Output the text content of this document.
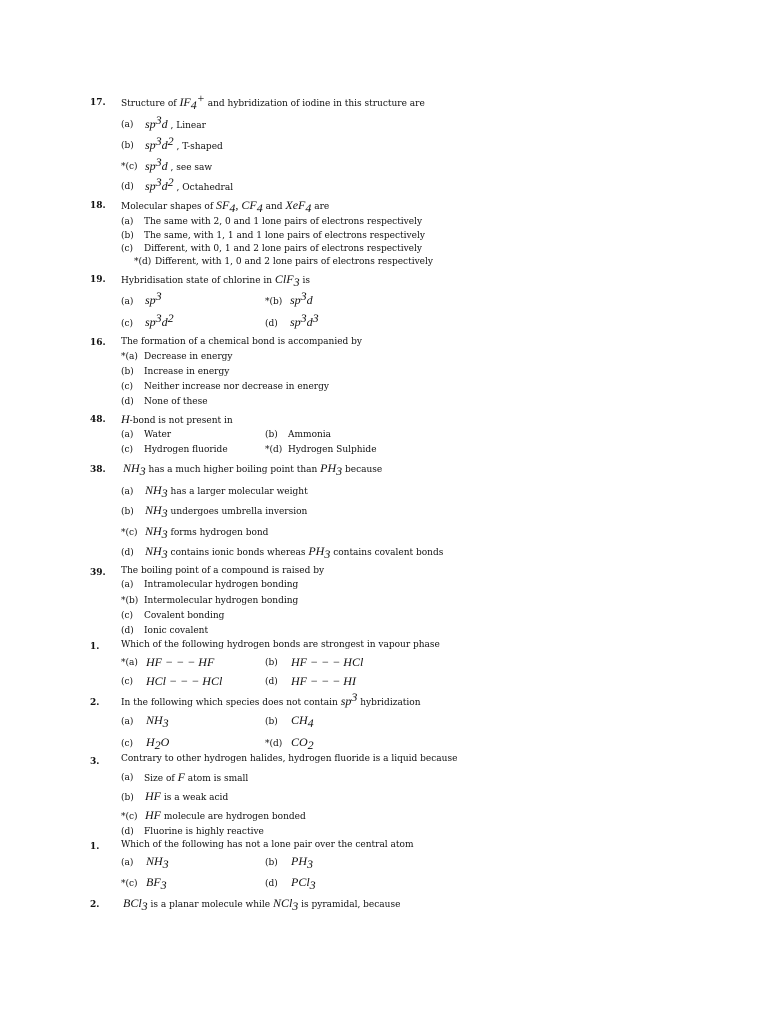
17. Structure of $IF_4^+$ and hybridization of iodine in this structure are
(a) $sp^3d$ , Linear
(b) $sp^3d^2$ , T-shaped
*(c) $sp^3d$ , see saw
(d) $sp^3d^2$ , Octahedral
18. Molecular shapes of $SF_4$, $CF_4$ and XeF$_4$ are
(a) The same with 2, 0 and 1 lone pairs of electrons respectively
(b) The same, with 1, 1 and 1 lone pairs of electrons respectively
(c) Different, with 0, 1 and 2 lone pairs of electrons respectively
*(d) Different, with 1, 0 and 2 lone pairs of electrons respectively
19. Hybridisation state of chlorine in ClF$_3$ is
(a) $sp^3$	*(b) $sp^3d$
(c) $sp^3d^2$	(d) $sp^3d^3$
16. The formation of a chemical bond is accompanied by
*(a) Decrease in energy
(b) Increase in energy
(c) Neither increase nor decrease in energy
(d) None of these
48. H-bond is not present in
(a) Water	(b) Ammonia
(c) Hydrogen fluoride	*(d) Hydrogen Sulphide
38. $NH_3$ has a much higher boiling point than $PH_3$ because
(a) $NH_3$ has a larger molecular weight
(b) $NH_3$ undergoes umbrella inversion
*(c) $NH_3$ forms hydrogen bond
(d) $NH_3$ contains ionic bonds whereas $PH_3$ contains covalent bonds
39. The boiling point of a compound is raised by
(a) Intramolecular hydrogen bonding
*(b) Intermolecular hydrogen bonding
(c) Covalent bonding
(d) Ionic covalent
1. Which of the following hydrogen bonds are strongest in vapour phase
*(a) HF − − − HF	(b) HF − − − HCl
(c) HCl − − − HCl	(d) HF − − − HI
2. In the following which species does not contain $sp^3$ hybridization
(a) $NH_3$	(b) $CH_4$
(c) $H_2O$	*(d) $CO_2$
3. Contrary to other hydrogen halides, hydrogen fluoride is a liquid because
(a) Size of F atom is small
(b) HF is a weak acid
*(c) HF molecule are hydrogen bonded
(d) Fluorine is highly reactive
1. Which of the following has not a lone pair over the central atom
(a) $NH_3$	(b) $PH_3$
*(c) $BF_3$	(d) PCl$_3$
2. BCl$_3$ is a planar molecule while NCl$_3$ is pyramidal, because
